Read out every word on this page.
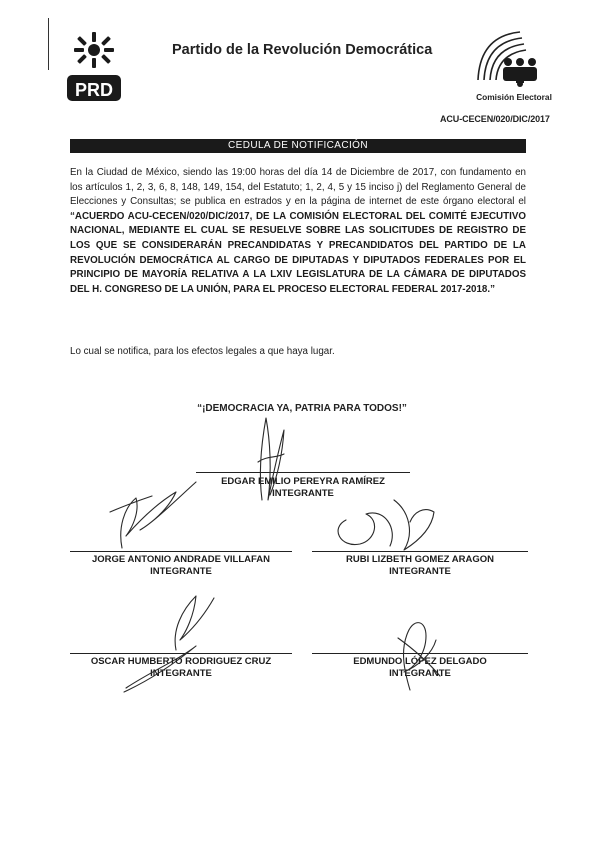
PRD
Partido de la Revolución Democrática
Comisión Electoral
ACU-CECEN/020/DIC/2017
CEDULA DE NOTIFICACIÓN
En la Ciudad de México, siendo las 19:00 horas del día 14 de Diciembre de 2017, con fundamento en los artículos 1, 2, 3, 6, 8, 148, 149, 154, del Estatuto; 1, 2, 4, 5 y 15 inciso j) del Reglamento General de Elecciones y Consultas; se publica en estrados y en la página de internet de este órgano electoral el “ACUERDO ACU-CECEN/020/DIC/2017, DE LA COMISIÓN ELECTORAL DEL COMITÉ EJECUTIVO NACIONAL, MEDIANTE EL CUAL SE RESUELVE SOBRE LAS SOLICITUDES DE REGISTRO DE LOS QUE SE CONSIDERARÁN PRECANDIDATAS Y PRECANDIDATOS DEL PARTIDO DE LA REVOLUCIÓN DEMOCRÁTICA AL CARGO DE DIPUTADAS Y DIPUTADOS FEDERALES POR EL PRINCIPIO DE MAYORÍA RELATIVA A LA LXIV LEGISLATURA DE LA CÁMARA DE DIPUTADOS DEL H. CONGRESO DE LA UNIÓN, PARA EL PROCESO ELECTORAL FEDERAL 2017-2018.”
Lo cual se notifica, para los efectos legales a que haya lugar.
“¡DEMOCRACIA YA, PATRIA PARA TODOS!”
EDGAR EMILIO PEREYRA RAMÍREZ
INTEGRANTE
JORGE ANTONIO ANDRADE VILLAFAN
INTEGRANTE
RUBI LIZBETH GOMEZ ARAGON
INTEGRANTE
OSCAR HUMBERTO RODRIGUEZ CRUZ
INTEGRANTE
EDMUNDO LÓPEZ DELGADO
INTEGRANTE
